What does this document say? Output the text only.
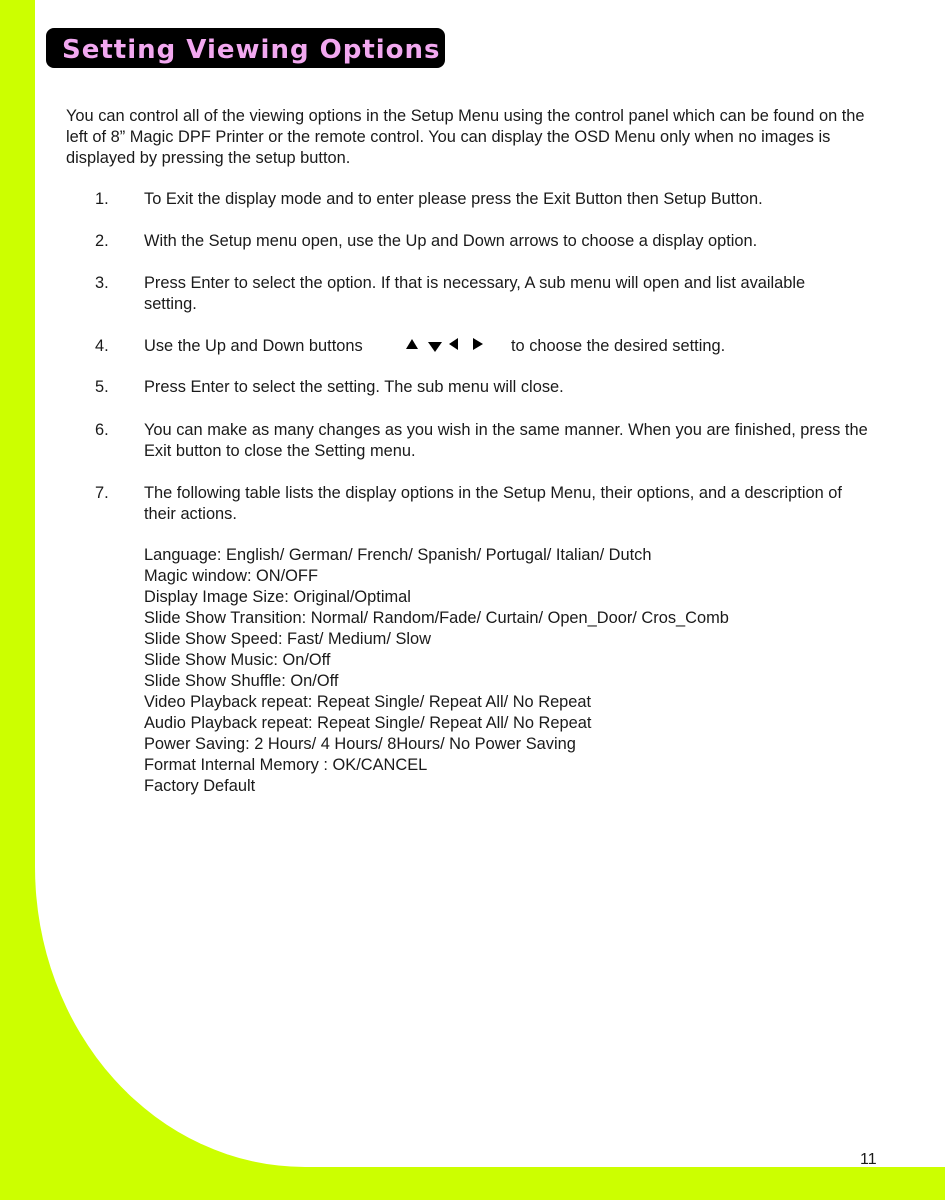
Setting Viewing Options

You can control all of the viewing options in the Setup Menu using the control panel which can be found on the left of 8” Magic DPF Printer or the remote control. You can display the OSD Menu only when no images is displayed by pressing the setup button.

1. To Exit the display mode and to enter please press the Exit Button then Setup Button.
2. With the Setup menu open, use the Up and Down arrows to choose a display option.
3. Press Enter to select the option. If that is necessary, A sub menu will open and list available setting.
4. Use the Up and Down buttons	to choose the desired setting.
5. Press Enter to select the setting. The sub menu will close.
6. You can make as many changes as you wish in the same manner. When you are finished, press the Exit button to close the Setting menu.
7. The following table lists the display options in the Setup Menu, their options, and a description of their actions.
Language: English/ German/ French/ Spanish/ Portugal/ Italian/ Dutch
Magic window: ON/OFF
Display Image Size: Original/Optimal
Slide Show Transition: Normal/ Random/Fade/ Curtain/ Open_Door/ Cros_Comb
Slide Show Speed: Fast/ Medium/ Slow
Slide Show Music: On/Off
Slide Show Shuffle: On/Off
Video Playback repeat: Repeat Single/ Repeat All/ No Repeat
Audio Playback repeat: Repeat Single/ Repeat All/ No Repeat
Power Saving: 2 Hours/ 4 Hours/ 8Hours/ No Power Saving
Format Internal Memory : OK/CANCEL
Factory Default
11
